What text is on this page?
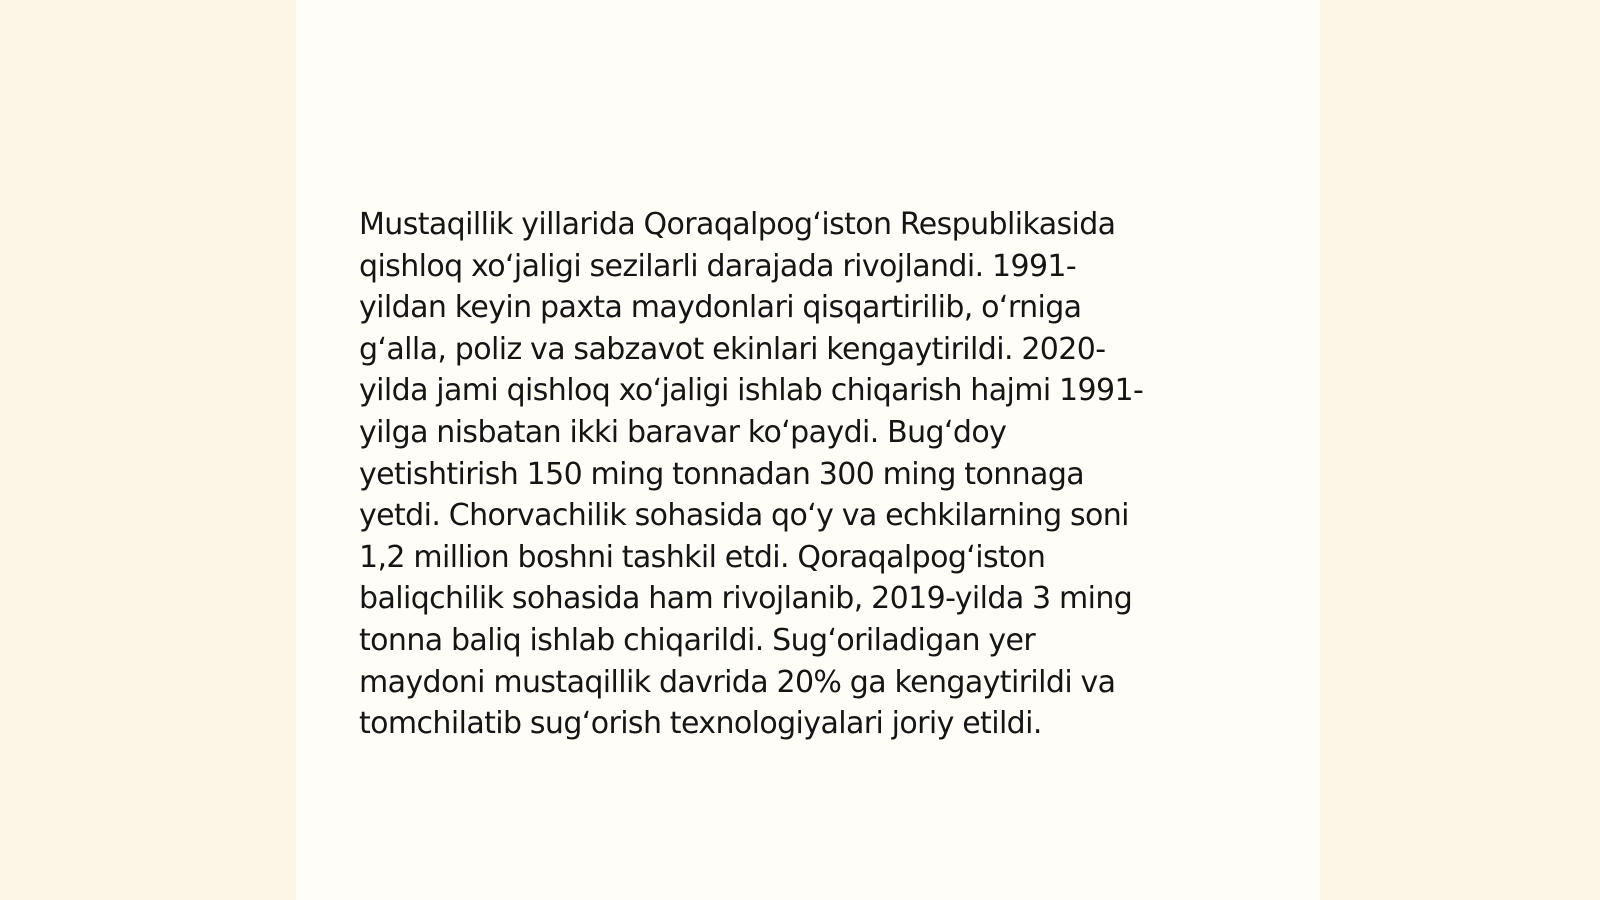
Mustaqillik yillarida Qoraqalpog‘iston Respublikasida
qishloq xo‘jaligi sezilarli darajada rivojlandi. 1991-
yildan keyin paxta maydonlari qisqartirilib, o‘rniga
g‘alla, poliz va sabzavot ekinlari kengaytirildi. 2020-
yilda jami qishloq xo‘jaligi ishlab chiqarish hajmi 1991-
yilga nisbatan ikki baravar ko‘paydi. Bug‘doy
yetishtirish 150 ming tonnadan 300 ming tonnaga
yetdi. Chorvachilik sohasida qo‘y va echkilarning soni
1,2 million boshni tashkil etdi. Qoraqalpog‘iston
baliqchilik sohasida ham rivojlanib, 2019-yilda 3 ming
tonna baliq ishlab chiqarildi. Sug‘oriladigan yer
maydoni mustaqillik davrida 20% ga kengaytirildi va
tomchilatib sug‘orish texnologiyalari joriy etildi.
